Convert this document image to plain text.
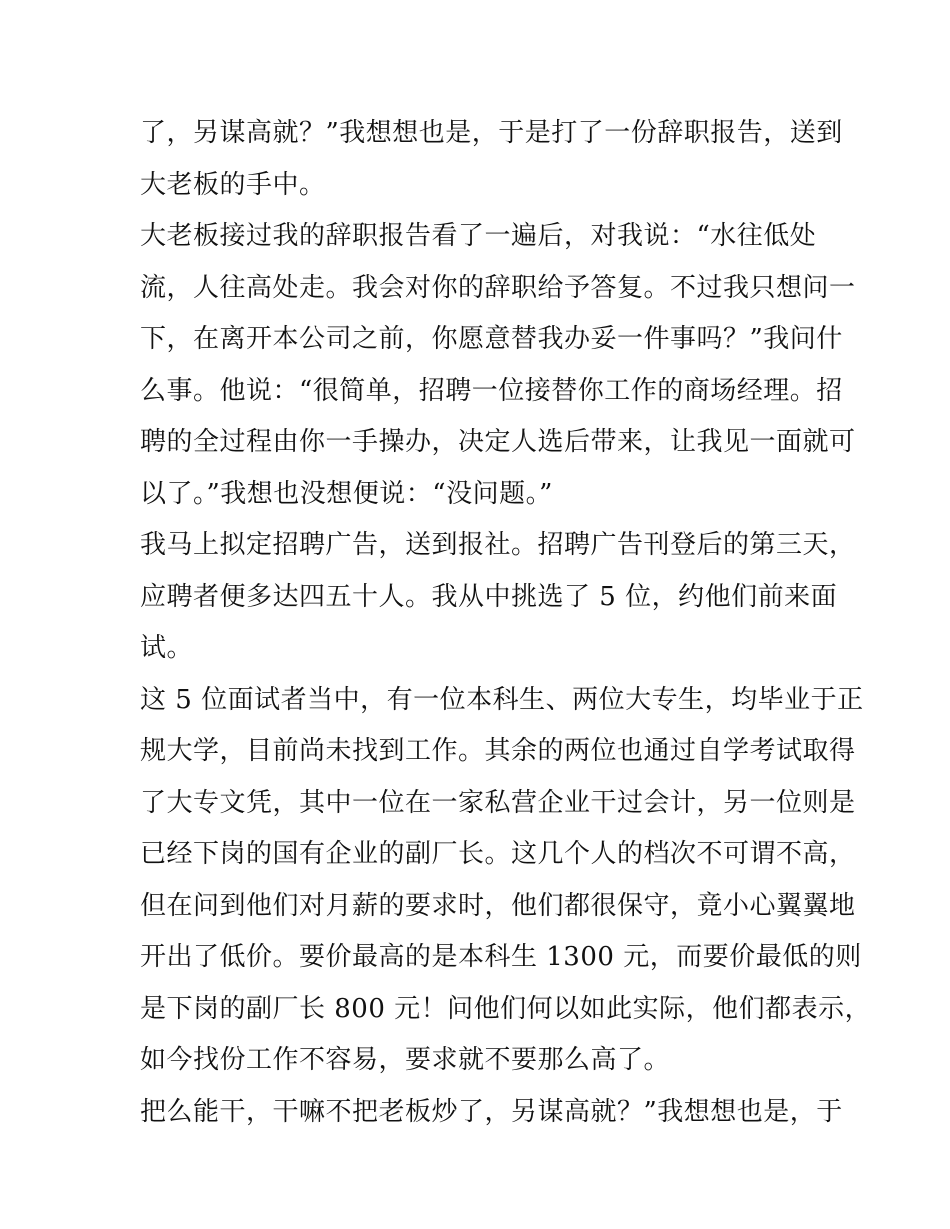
了，另谋高就？”我想想也是，于是打了一份辞职报告，送到
大老板的手中。
大老板接过我的辞职报告看了一遍后，对我说：“水往低处
流，人往高处走。我会对你的辞职给予答复。不过我只想问一
下，在离开本公司之前，你愿意替我办妥一件事吗？”我问什
么事。他说：“很简单，招聘一位接替你工作的商场经理。招
聘的全过程由你一手操办，决定人选后带来，让我见一面就可
以了。”我想也没想便说：“没问题。”
我马上拟定招聘广告，送到报社。招聘广告刊登后的第三天，
应聘者便多达四五十人。我从中挑选了 5 位，约他们前来面
试。
这 5 位面试者当中，有一位本科生、两位大专生，均毕业于正
规大学，目前尚未找到工作。其余的两位也通过自学考试取得
了大专文凭，其中一位在一家私营企业干过会计，另一位则是
已经下岗的国有企业的副厂长。这几个人的档次不可谓不高，
但在问到他们对月薪的要求时，他们都很保守，竟小心翼翼地
开出了低价。要价最高的是本科生 1300 元，而要价最低的则
是下岗的副厂长 800 元！问他们何以如此实际，他们都表示，
如今找份工作不容易，要求就不要那么高了。
把么能干，干嘛不把老板炒了，另谋高就？”我想想也是，于
